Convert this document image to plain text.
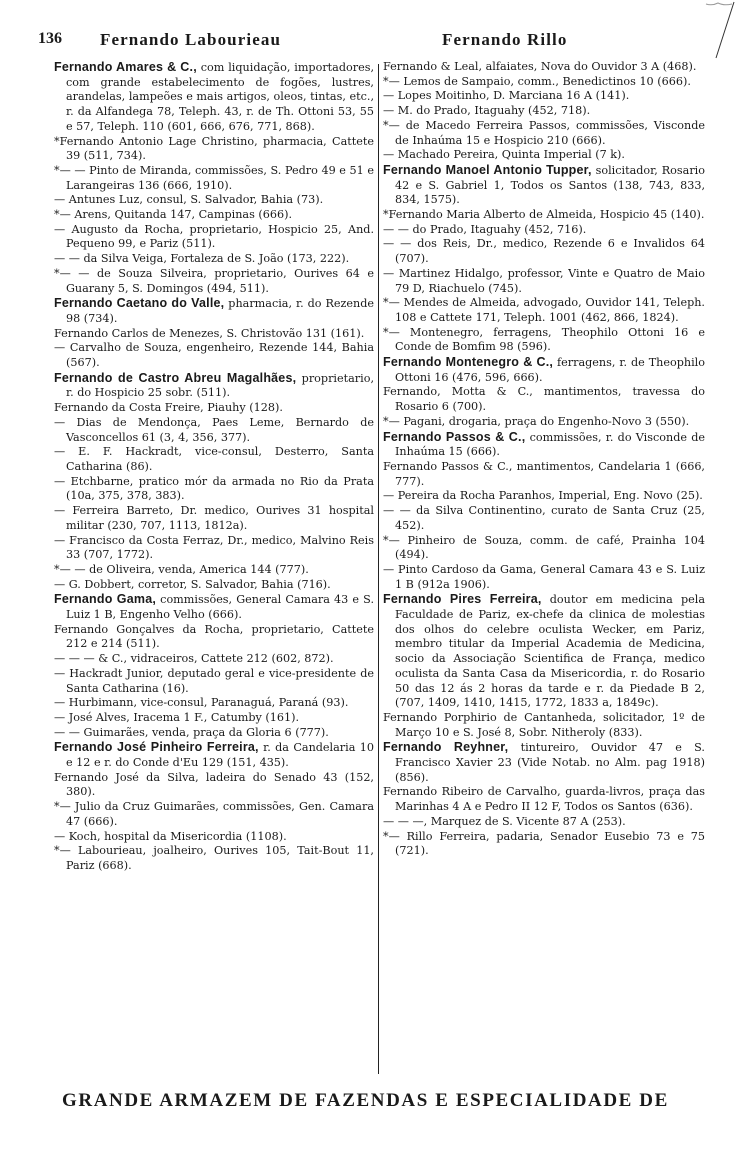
136 Fernando Labourieau	Fernando Rillo

Fernando Amares & C., com liquidação, importadores, com grande estabelecimento de fogões, lustres, arandelas, lampeões e mais artigos, oleos, tintas, etc., r. da Alfandega 78, Teleph. 43, r. de Th. Ottoni 53, 55 e 57, Teleph. 110 (601, 666, 676, 771, 868).

*Fernando Antonio Lage Christino, pharmacia, Cattete 39 (511, 734).

*— — Pinto de Miranda, commissões, S. Pedro 49 e 51 e Larangeiras 136 (666, 1910).

— Antunes Luz, consul, S. Salvador, Bahia (73).

*— Arens, Quitanda 147, Campinas (666).

— Augusto da Rocha, proprietario, Hospicio 25, And. Pequeno 99, e Pariz (511).

— — da Silva Veiga, Fortaleza de S. João (173, 222).

*— — de Souza Silveira, proprietario, Ourives 64 e Guarany 5, S. Domingos (494, 511).

Fernando Caetano do Valle, pharmacia, r. do Rezende 98 (734).

Fernando Carlos de Menezes, S. Christovão 131 (161).

— Carvalho de Souza, engenheiro, Rezende 144, Bahia (567).

Fernando de Castro Abreu Magalhães, proprietario, r. do Hospicio 25 sobr. (511).

Fernando da Costa Freire, Piauhy (128).

— Dias de Mendonça, Paes Leme, Bernardo de Vasconcellos 61 (3, 4, 356, 377).

— E. F. Hackradt, vice-consul, Desterro, Santa Catharina (86).

— Etchbarne, pratico mór da armada no Rio da Prata (10a, 375, 378, 383).

— Ferreira Barreto, Dr. medico, Ourives 31 hospital militar (230, 707, 1113, 1812a).

— Francisco da Costa Ferraz, Dr., medico, Malvino Reis 33 (707, 1772).

*— — de Oliveira, venda, America 144 (777).

— G. Dobbert, corretor, S. Salvador, Bahia (716).

Fernando Gama, commissões, General Camara 43 e S. Luiz 1 B, Engenho Velho (666).

Fernando Gonçalves da Rocha, proprietario, Cattete 212 e 214 (511).

— — — & C., vidraceiros, Cattete 212 (602, 872).

— Hackradt Junior, deputado geral e vice-presidente de Santa Catharina (16).

— Hurbimann, vice-consul, Paranaguá, Paraná (93).

— José Alves, Iracema 1 F., Catumby (161).

— — Guimarães, venda, praça da Gloria 6 (777).

Fernando José Pinheiro Ferreira, r. da Candelaria 10 e 12 e r. do Conde d'Eu 129 (151, 435).

Fernando José da Silva, ladeira do Senado 43 (152, 380).

*— Julio da Cruz Guimarães, commissões, Gen. Camara 47 (666).

— Koch, hospital da Misericordia (1108).

*— Labourieau, joalheiro, Ourives 105, Tait-Bout 11, Pariz (668).

Fernando & Leal, alfaiates, Nova do Ouvidor 3 A (468).

*— Lemos de Sampaio, comm., Benedictinos 10 (666).

— Lopes Moitinho, D. Marciana 16 A (141).

— M. do Prado, Itaguahy (452, 718).

*— de Macedo Ferreira Passos, commissões, Visconde de Inhaúma 15 e Hospicio 210 (666).

— Machado Pereira, Quinta Imperial (7 k).

Fernando Manoel Antonio Tupper, solicitador, Rosario 42 e S. Gabriel 1, Todos os Santos (138, 743, 833, 834, 1575).

*Fernando Maria Alberto de Almeida, Hospicio 45 (140).

— — do Prado, Itaguahy (452, 716).

— — dos Reis, Dr., medico, Rezende 6 e Invalidos 64 (707).

— Martinez Hidalgo, professor, Vinte e Quatro de Maio 79 D, Riachuelo (745).

*— Mendes de Almeida, advogado, Ouvidor 141, Teleph. 108 e Cattete 171, Teleph. 1001 (462, 866, 1824).

*— Montenegro, ferragens, Theophilo Ottoni 16 e Conde de Bomfim 98 (596).

Fernando Montenegro & C., ferragens, r. de Theophilo Ottoni 16 (476, 596, 666).

Fernando, Motta & C., mantimentos, travessa do Rosario 6 (700).

*— Pagani, drogaria, praça do Engenho-Novo 3 (550).

Fernando Passos & C., commissões, r. do Visconde de Inhaúma 15 (666).

Fernando Passos & C., mantimentos, Candelaria 1 (666, 777).

— Pereira da Rocha Paranhos, Imperial, Eng. Novo (25).

— — da Silva Continentino, curato de Santa Cruz (25, 452).

*— Pinheiro de Souza, comm. de café, Prainha 104 (494).

— Pinto Cardoso da Gama, General Camara 43 e S. Luiz 1 B (912a 1906).

Fernando Pires Ferreira, doutor em medicina pela Faculdade de Pariz, ex-chefe da clinica de molestias dos olhos do celebre oculista Wecker, em Pariz, membro titular da Imperial Academia de Medicina, socio da Associação Scientifica de França, medico oculista da Santa Casa da Misericordia, r. do Rosario 50 das 12 ás 2 horas da tarde e r. da Piedade B 2, (707, 1409, 1410, 1415, 1772, 1833 a, 1849c).

Fernando Porphirio de Cantanheda, solicitador, 1º de Março 10 e S. José 8, Sobr. Nitheroly (833).

Fernando Reyhner, tintureiro, Ouvidor 47 e S. Francisco Xavier 23 (Vide Notab. no Alm. pag 1918) (856).

Fernando Ribeiro de Carvalho, guarda-livros, praça das Marinhas 4 A e Pedro II 12 F, Todos os Santos (636).

— — —, Marquez de S. Vicente 87 A (253).

*— Rillo Ferreira, padaria, Senador Eusebio 73 e 75 (721).

GRANDE ARMAZEM DE FAZENDAS E ESPECIALIDADE DE
